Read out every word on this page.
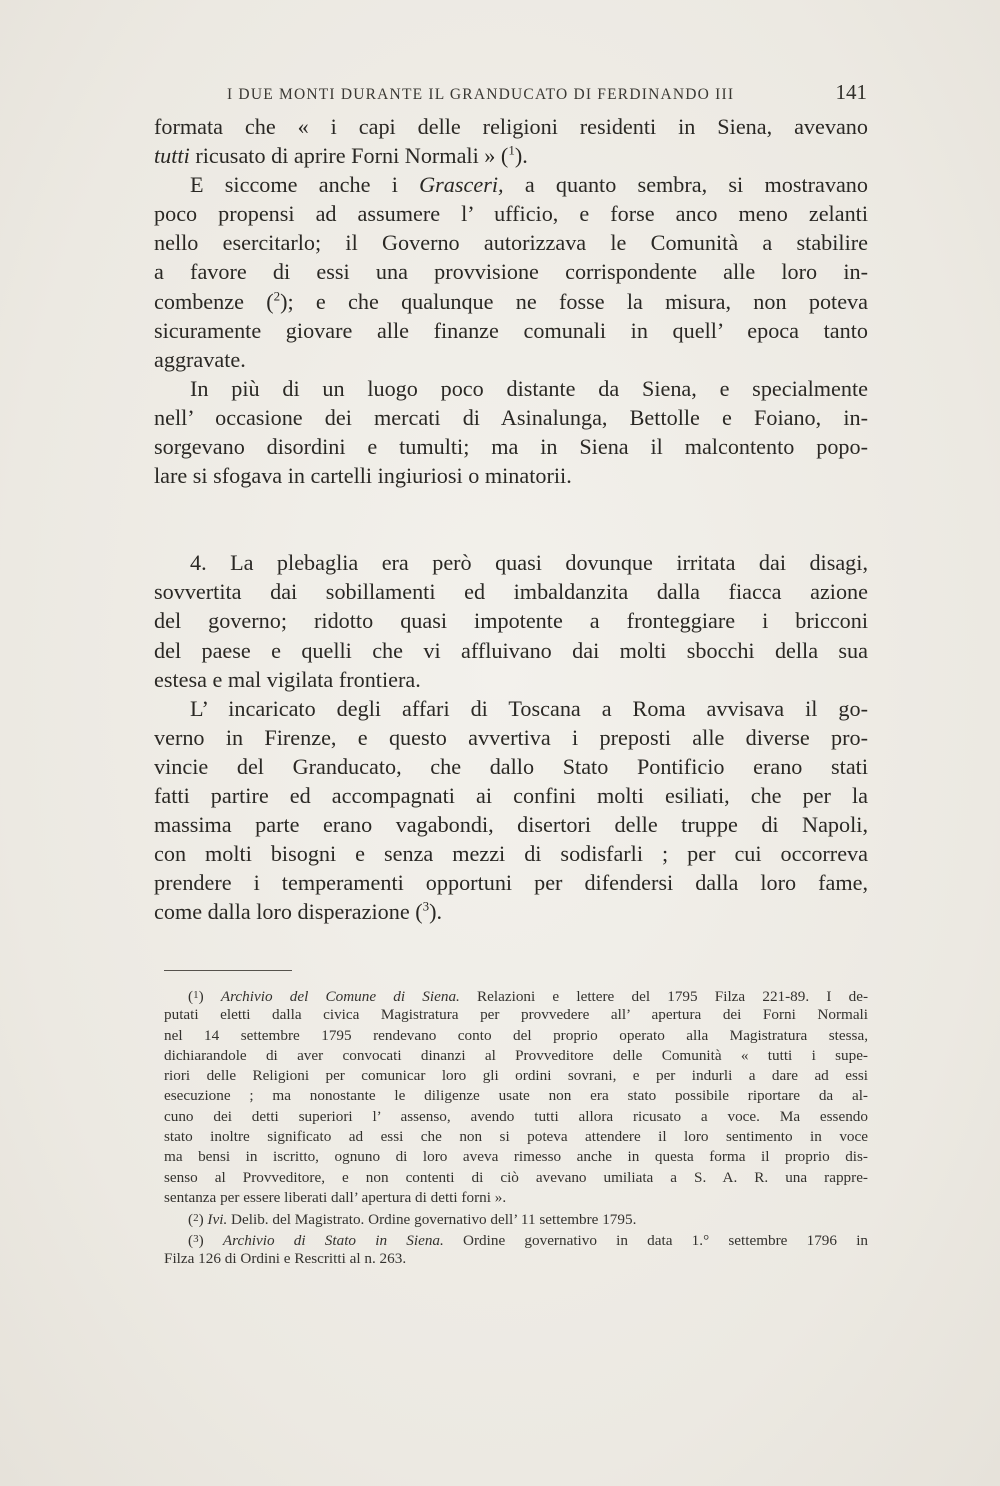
I DUE MONTI DURANTE IL GRANDUCATO DI FERDINANDO III	141
formata che « i capi delle religioni residenti in Siena, avevano
tutti ricusato di aprire Forni Normali » ($^1$).
E siccome anche i Grasceri, a quanto sembra, si mostravano
poco propensi ad assumere l’ ufficio, e forse anco meno zelanti
nello esercitarlo; il Governo autorizzava le Comunità a stabilire
a favore di essi una provvisione corrispondente alle loro in-
combenze ($^2$); e che qualunque ne fosse la misura, non poteva
sicuramente giovare alle finanze comunali in quell’ epoca tanto
aggravate.
In più di un luogo poco distante da Siena, e specialmente
nell’ occasione dei mercati di Asinalunga, Bettolle e Foiano, in-
sorgevano disordini e tumulti; ma in Siena il malcontento popo-
lare si sfogava in cartelli ingiuriosi o minatorii.
4. La plebaglia era però quasi dovunque irritata dai disagi,
sovvertita dai sobillamenti ed imbaldanzita dalla fiacca azione
del governo; ridotto quasi impotente a fronteggiare i bricconi
del paese e quelli che vi affluivano dai molti sbocchi della sua
estesa e mal vigilata frontiera.
L’ incaricato degli affari di Toscana a Roma avvisava il go-
verno in Firenze, e questo avvertiva i preposti alle diverse pro-
vincie del Granducato, che dallo Stato Pontificio erano stati
fatti partire ed accompagnati ai confini molti esiliati, che per la
massima parte erano vagabondi, disertori delle truppe di Napoli,
con molti bisogni e senza mezzi di sodisfarli ; per cui occorreva
prendere i temperamenti opportuni per difendersi dalla loro fame,
come dalla loro disperazione ($^3$).
(1) Archivio del Comune di Siena. Relazioni e lettere del 1795 Filza 221-89. I de-
putati eletti dalla civica Magistratura per provvedere all’ apertura dei Forni Normali
nel 14 settembre 1795 rendevano conto del proprio operato alla Magistratura stessa,
dichiarandole di aver convocati dinanzi al Provveditore delle Comunità « tutti i supe-
riori delle Religioni per comunicar loro gli ordini sovrani, e per indurli a dare ad essi
esecuzione ; ma nonostante le diligenze usate non era stato possibile riportare da al-
cuno dei detti superiori l’ assenso, avendo tutti allora ricusato a voce. Ma essendo
stato inoltre significato ad essi che non si poteva attendere il loro sentimento in voce
ma bensi in iscritto, ognuno di loro aveva rimesso anche in questa forma il proprio dis-
senso al Provveditore, e non contenti di ciò avevano umiliata a S. A. R. una rappre-
sentanza per essere liberati dall’ apertura di detti forni ».
(2) Ivi. Delib. del Magistrato. Ordine governativo dell’ 11 settembre 1795.
(3) Archivio di Stato in Siena. Ordine governativo in data 1.° settembre 1796 in
Filza 126 di Ordini e Rescritti al n. 263.
